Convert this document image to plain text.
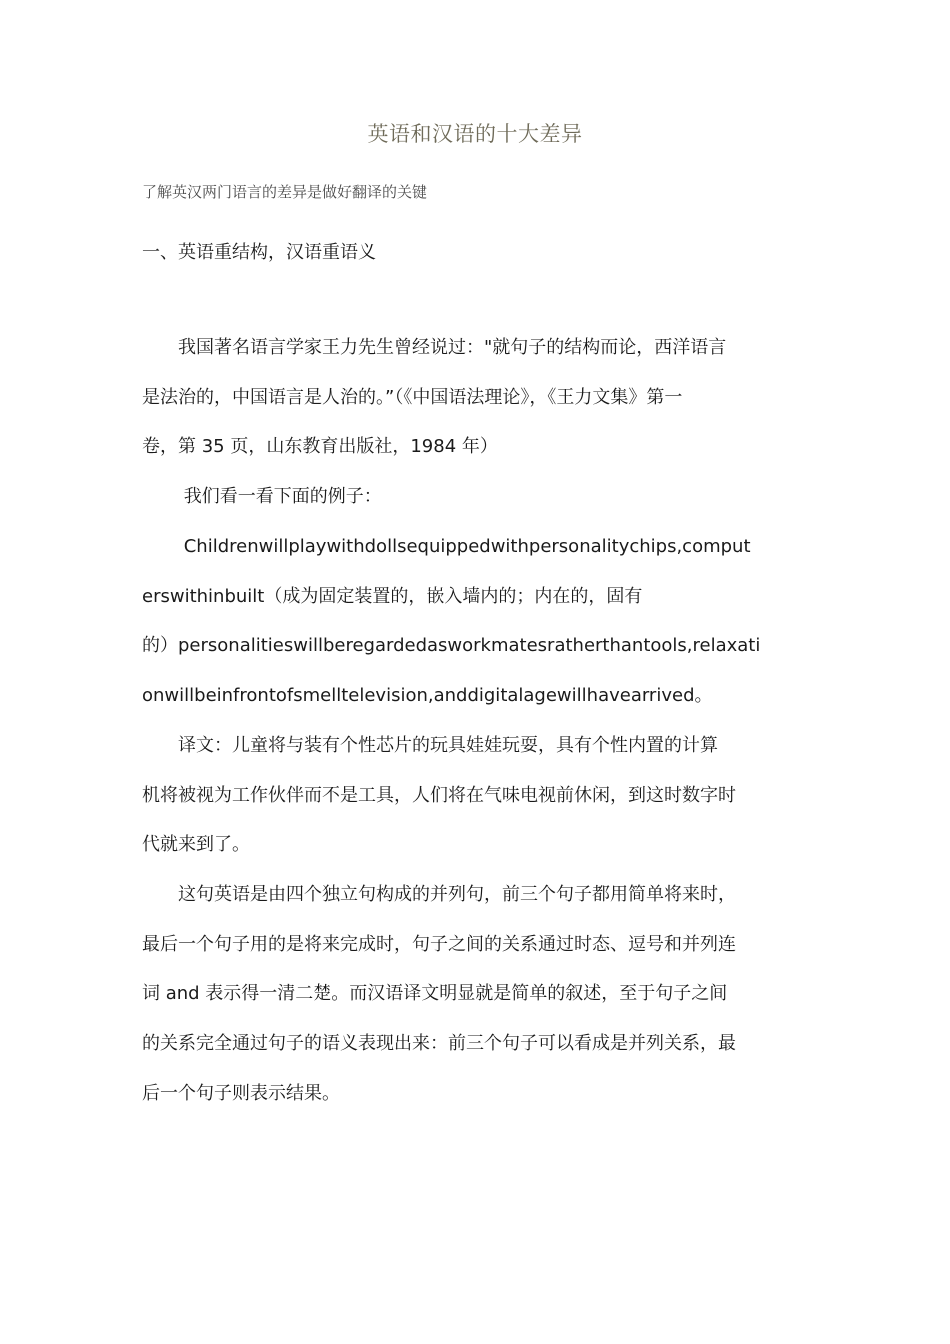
英语和汉语的十大差异
了解英汉两门语言的差异是做好翻译的关键
一、英语重结构，汉语重语义
　　我国著名语言学家王力先生曾经说过："就句子的结构而论，西洋语言
是法治的，中国语言是人治的。”（《中国语法理论》，《王力文集》第一
卷，第 35 页，山东教育出版社，1984 年）
　　 我们看一看下面的例子：
　　 Childrenwillplaywithdollsequippedwithpersonalitychips,comput
erswithinbuilt（成为固定装置的，嵌入墙内的；内在的，固有
的）personalitieswillberegardedasworkmatesratherthantools,relaxati
onwillbeinfrontofsmelltelevision,anddigitalagewillhavearrived。
　　译文：儿童将与装有个性芯片的玩具娃娃玩耍，具有个性内置的计算
机将被视为工作伙伴而不是工具，人们将在气味电视前休闲，到这时数字时
代就来到了。
　　这句英语是由四个独立句构成的并列句，前三个句子都用简单将来时，
最后一个句子用的是将来完成时，句子之间的关系通过时态、逗号和并列连
词 and 表示得一清二楚。而汉语译文明显就是简单的叙述，至于句子之间
的关系完全通过句子的语义表现出来：前三个句子可以看成是并列关系，最
后一个句子则表示结果。
